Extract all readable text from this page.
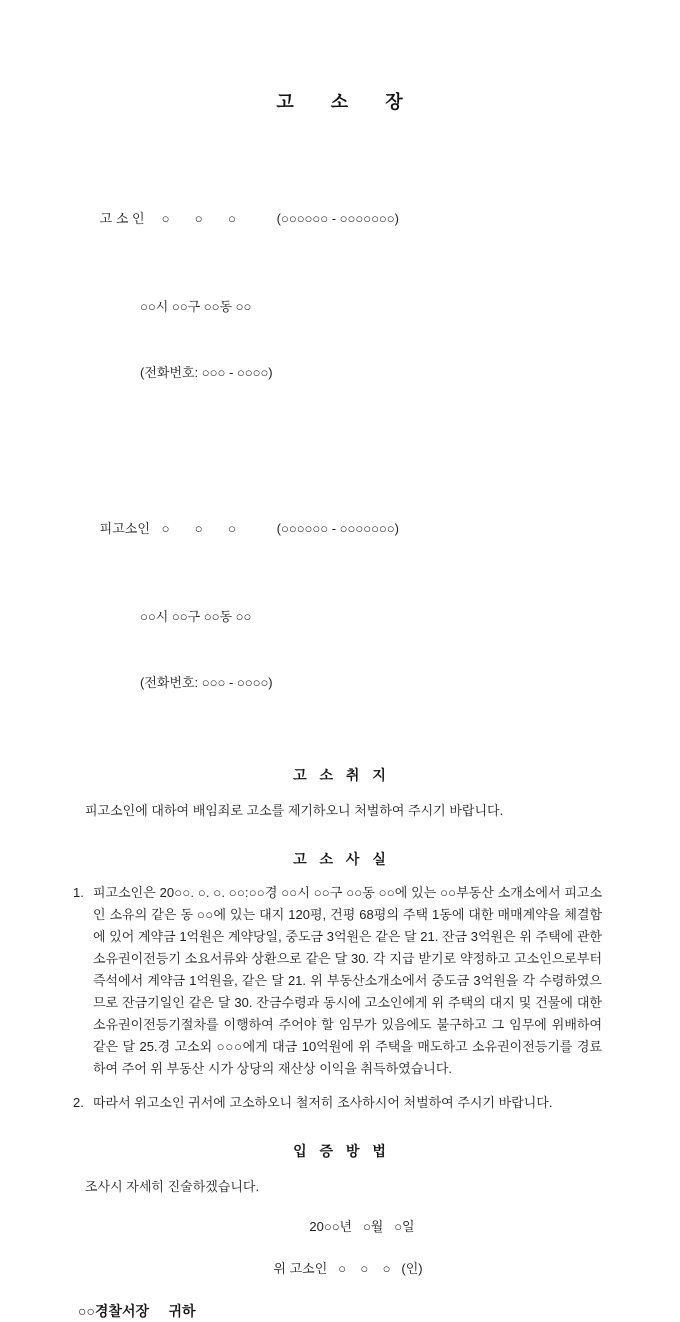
고      소      장

고 소 인 ○       ○       ○	(○○○○○○ - ○○○○○○○)

○○시 ○○구 ○○동 ○○

(전화번호: ○○○ - ○○○○)

피고소인 ○       ○       ○	(○○○○○○ - ○○○○○○○)

○○시 ○○구 ○○동 ○○

(전화번호: ○○○ - ○○○○)

고 소 취 지

피고소인에 대하여 배임죄로 고소를 제기하오니 처벌하여 주시기 바랍니다.

고 소 사 실
1. 피고소인은 20○○. ○. ○. ○○:○○경 ○○시 ○○구 ○○동 ○○에 있는 ○○부동산 소개소에서 피고소인 소유의 같은 동 ○○에 있는 대지 120평, 건평 68평의 주택 1동에 대한 매매계약을 체결함에 있어 계약금 1억원은 계약당일, 중도금 3억원은 같은 달 21. 잔금 3억원은 위 주택에 관한 소유권이전등기 소요서류와 상환으로 같은 달 30. 각 지급 받기로 약정하고 고소인으로부터 즉석에서 계약금 1억원을, 같은 달 21. 위 부동산소개소에서 중도금 3억원을 각 수령하였으므로 잔금기일인 같은 달 30. 잔금수령과 동시에 고소인에게 위 주택의 대지 및 건물에 대한 소유권이전등기절차를 이행하여 주어야 할 임무가 있음에도 불구하고 그 임무에 위배하여 같은 달 25.경 고소외 ○○○에게 대금 10억원에 위 주택을 매도하고 소유권이전등기를 경료하여 주어 위 부동산 시가 상당의 재산상 이익을 취득하였습니다.
2. 따라서 위고소인 귀서에 고소하오니 철저히 조사하시어 처벌하여 주시기 바랍니다.
입 증 방 법

조사시 자세히 진술하겠습니다.

20○○년   ○월   ○일
위 고소인   ○    ○    ○   (인)
○○경찰서장     귀하
